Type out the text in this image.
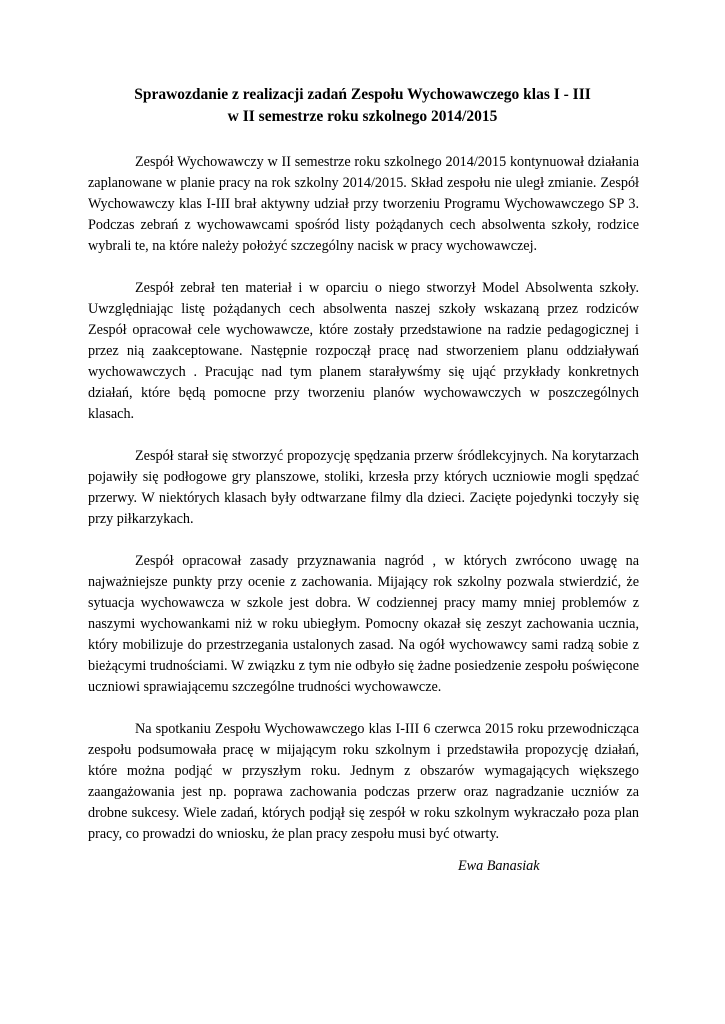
Sprawozdanie z realizacji zadań Zespołu Wychowawczego klas I - III
w II semestrze roku szkolnego 2014/2015

Zespół Wychowawczy w II semestrze roku szkolnego 2014/2015 kontynuował działania zaplanowane w planie pracy na rok szkolny 2014/2015. Skład zespołu nie uległ zmianie. Zespół Wychowawczy klas I-III brał aktywny udział przy tworzeniu Programu Wychowawczego SP 3. Podczas zebrań z wychowawcami spośród listy pożądanych cech absolwenta szkoły, rodzice wybrali te, na które należy położyć szczególny nacisk w pracy wychowawczej.

Zespół zebrał ten materiał i w oparciu o niego stworzył Model Absolwenta szkoły. Uwzględniając listę pożądanych cech absolwenta naszej szkoły wskazaną przez rodziców Zespół opracował cele wychowawcze, które zostały przedstawione na radzie pedagogicznej i przez nią zaakceptowane. Następnie rozpoczął pracę nad stworzeniem planu oddziaływań wychowawczych . Pracując nad tym planem staraływśmy się ująć przykłady konkretnych działań, które będą pomocne przy tworzeniu planów wychowawczych w poszczególnych klasach.

Zespół starał się stworzyć propozycję spędzania przerw śródlekcyjnych. Na korytarzach pojawiły się podłogowe gry planszowe, stoliki, krzesła przy których uczniowie mogli spędzać przerwy. W niektórych klasach były odtwarzane filmy dla dzieci. Zacięte pojedynki toczyły się przy piłkarzykach.

Zespół opracował zasady przyznawania nagród , w których zwrócono uwagę na najważniejsze punkty przy ocenie z zachowania. Mijający rok szkolny pozwala stwierdzić, że sytuacja wychowawcza w szkole jest dobra. W codziennej pracy mamy mniej problemów z naszymi wychowankami niż w roku ubiegłym. Pomocny okazał się zeszyt zachowania ucznia, który mobilizuje do przestrzegania ustalonych zasad. Na ogół wychowawcy sami radzą sobie z bieżącymi trudnościami. W związku z tym nie odbyło się żadne posiedzenie zespołu poświęcone uczniowi sprawiającemu szczególne trudności wychowawcze.

Na spotkaniu Zespołu Wychowawczego klas I-III 6 czerwca 2015 roku przewodnicząca zespołu podsumowała pracę w mijającym roku szkolnym i przedstawiła propozycję działań, które można podjąć w przyszłym roku. Jednym z obszarów wymagających większego zaangażowania jest np. poprawa zachowania podczas przerw oraz nagradzanie uczniów za drobne sukcesy. Wiele zadań, których podjął się zespół w roku szkolnym wykraczało poza plan pracy, co prowadzi do wniosku, że plan pracy zespołu musi być otwarty.

Ewa Banasiak
